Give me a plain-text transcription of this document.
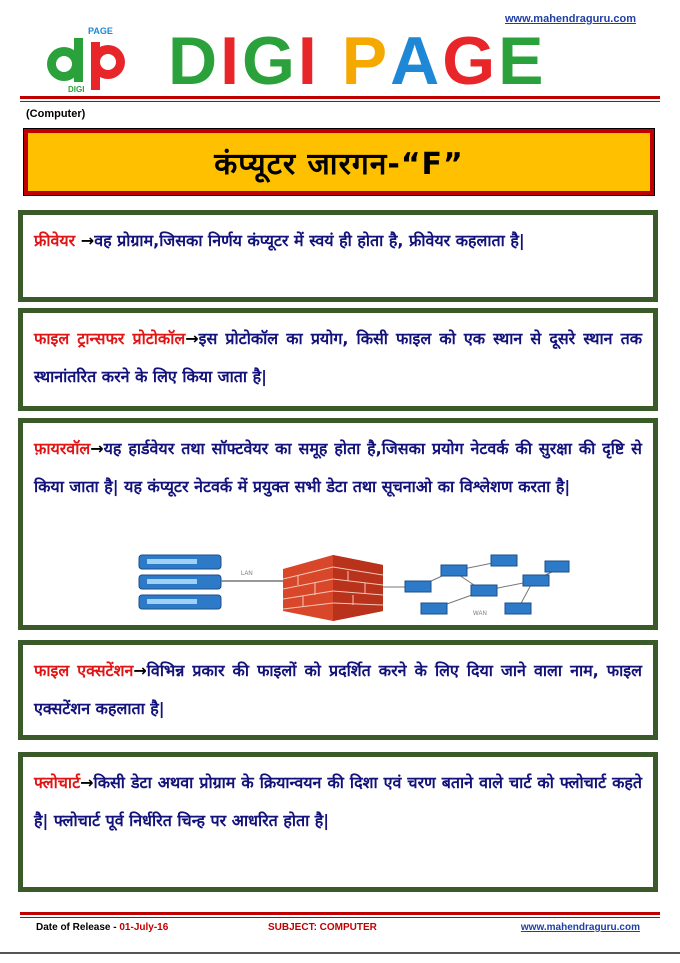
www.mahendraguru.com
PAGE
DIGI DIGI PAGE
(Computer)
कंप्यूटर जारगन-“F”

फ्रीवेयर →वह प्रोग्राम,जिसका निर्णय कंप्यूटर में स्वयं ही होता है, फ्रीवेयर कहलाता है|

फाइल ट्रान्सफर प्रोटोकॉल→इस प्रोटोकॉल का प्रयोग, किसी फाइल को एक स्थान से दूसरे स्थान तक स्थानांतरित करने के लिए किया जाता है|

फ़ायरवॉल→यह हार्डवेयर तथा सॉफ्टवेयर का समूह होता है,जिसका प्रयोग नेटवर्क की सुरक्षा की दृष्टि से किया जाता है| यह कंप्यूटर नेटवर्क में प्रयुक्त सभी डेटा तथा सूचनाओ का विश्लेशण करता है|

LAN
WAN

फाइल एक्सटेंशन→विभिन्न प्रकार की फाइलों को प्रदर्शित करने के लिए दिया जाने वाला नाम, फाइल एक्सटेंशन कहलाता है|

फ्लोचार्ट→किसी डेटा अथवा प्रोग्राम के क्रियान्वयन की दिशा एवं चरण बताने वाले चार्ट को फ्लोचार्ट कहते है| फ्लोचार्ट पूर्व निर्धरित चिन्ह पर आधरित होता है|

Date of Release - 01-July-16	SUBJECT: COMPUTER	www.mahendraguru.com
